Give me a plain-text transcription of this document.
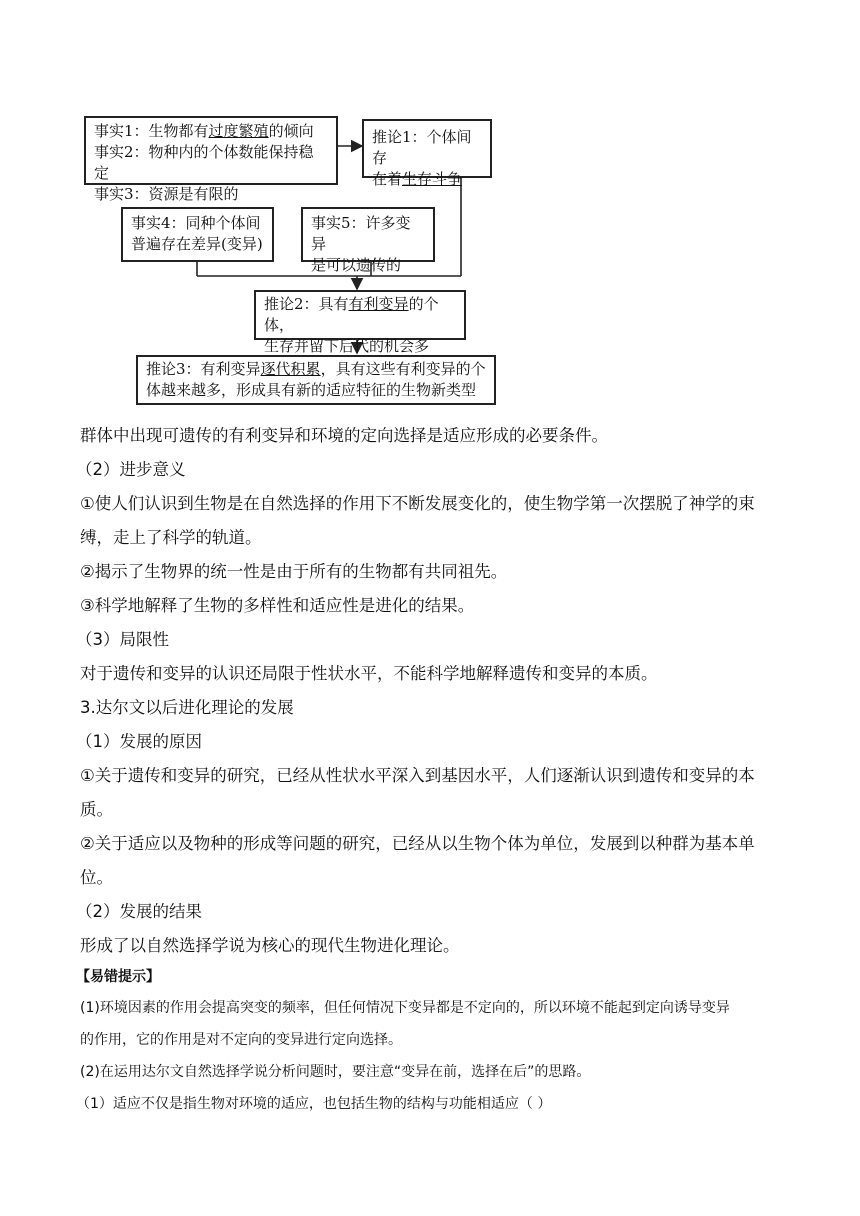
事实1：生物都有过度繁殖的倾向
事实2：物种内的个体数能保持稳定
事实3：资源是有限的
推论1：个体间存
在着生存斗争
事实4：同种个体间
普遍存在差异(变异)
事实5：许多变异
是可以遗传的
推论2：具有有利变异的个体，
生存并留下后代的机会多
推论3：有利变异逐代积累，具有这些有利变异的个
体越来越多，形成具有新的适应特征的生物新类型
群体中出现可遗传的有利变异和环境的定向选择是适应形成的必要条件。
（2）进步意义
①使人们认识到生物是在自然选择的作用下不断发展变化的，使生物学第一次摆脱了神学的束
缚，走上了科学的轨道。
②揭示了生物界的统一性是由于所有的生物都有共同祖先。
③科学地解释了生物的多样性和适应性是进化的结果。
（3）局限性
对于遗传和变异的认识还局限于性状水平，不能科学地解释遗传和变异的本质。
3.达尔文以后进化理论的发展
（1）发展的原因
①关于遗传和变异的研究，已经从性状水平深入到基因水平，人们逐渐认识到遗传和变异的本
质。
②关于适应以及物种的形成等问题的研究，已经从以生物个体为单位，发展到以种群为基本单
位。
（2）发展的结果
形成了以自然选择学说为核心的现代生物进化理论。
【易错提示】
(1)环境因素的作用会提高突变的频率，但任何情况下变异都是不定向的，所以环境不能起到定向诱导变异
的作用，它的作用是对不定向的变异进行定向选择。
(2)在运用达尔文自然选择学说分析问题时，要注意“变异在前，选择在后”的思路。
（1）适应不仅是指生物对环境的适应，也包括生物的结构与功能相适应（ ）
